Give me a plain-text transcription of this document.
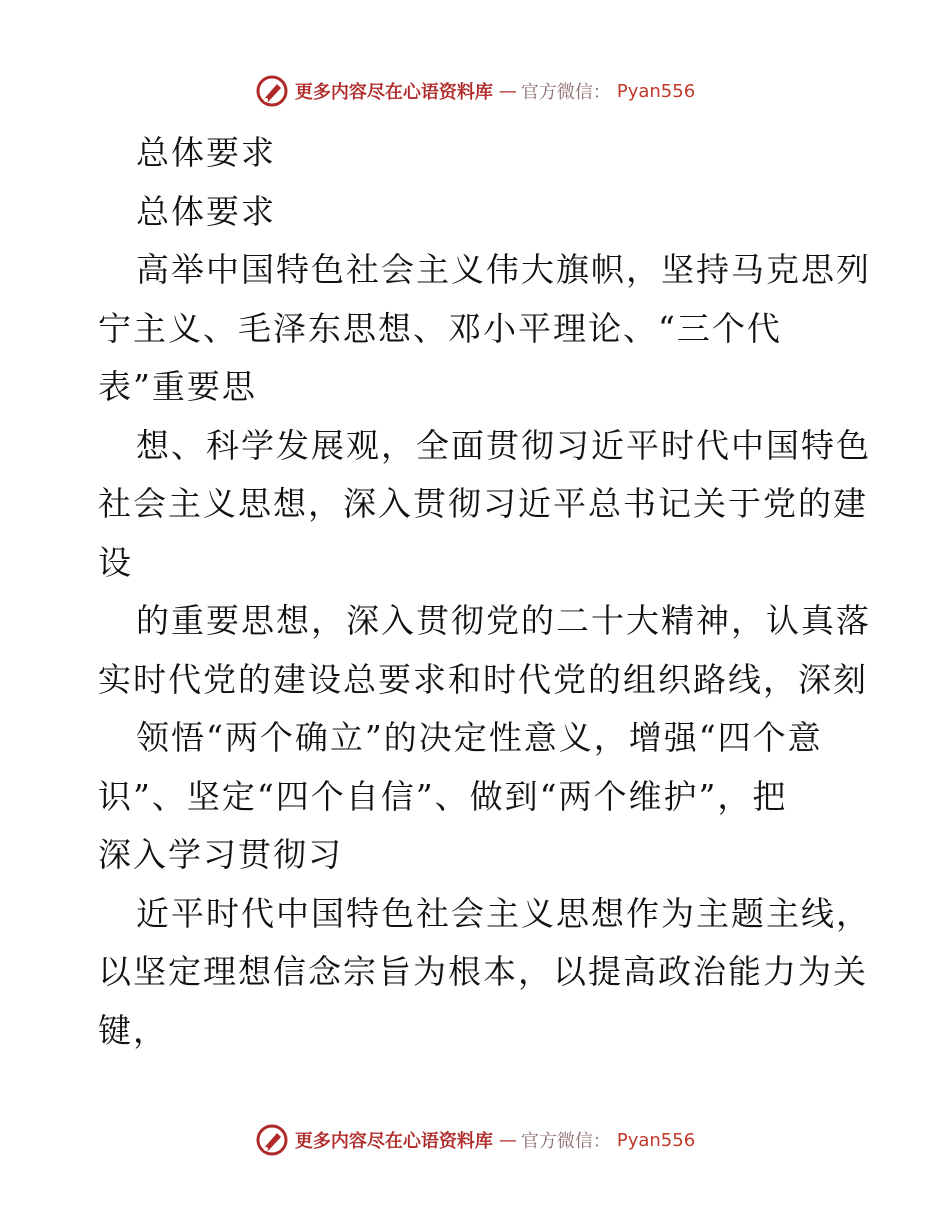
更多内容尽在心语资料库 — 官方微信： Pyan556
总体要求
总体要求
高举中国特色社会主义伟大旗帜，坚持马克思列
宁主义、毛泽东思想、邓小平理论、“三个代
表”重要思
想、科学发展观，全面贯彻习近平时代中国特色
社会主义思想，深入贯彻习近平总书记关于党的建
设
的重要思想，深入贯彻党的二十大精神，认真落
实时代党的建设总要求和时代党的组织路线，深刻
领悟“两个确立”的决定性意义，增强“四个意
识”、坚定“四个自信”、做到“两个维护”，把
深入学习贯彻习
近平时代中国特色社会主义思想作为主题主线，
以坚定理想信念宗旨为根本，以提高政治能力为关
键，
更多内容尽在心语资料库 — 官方微信： Pyan556
